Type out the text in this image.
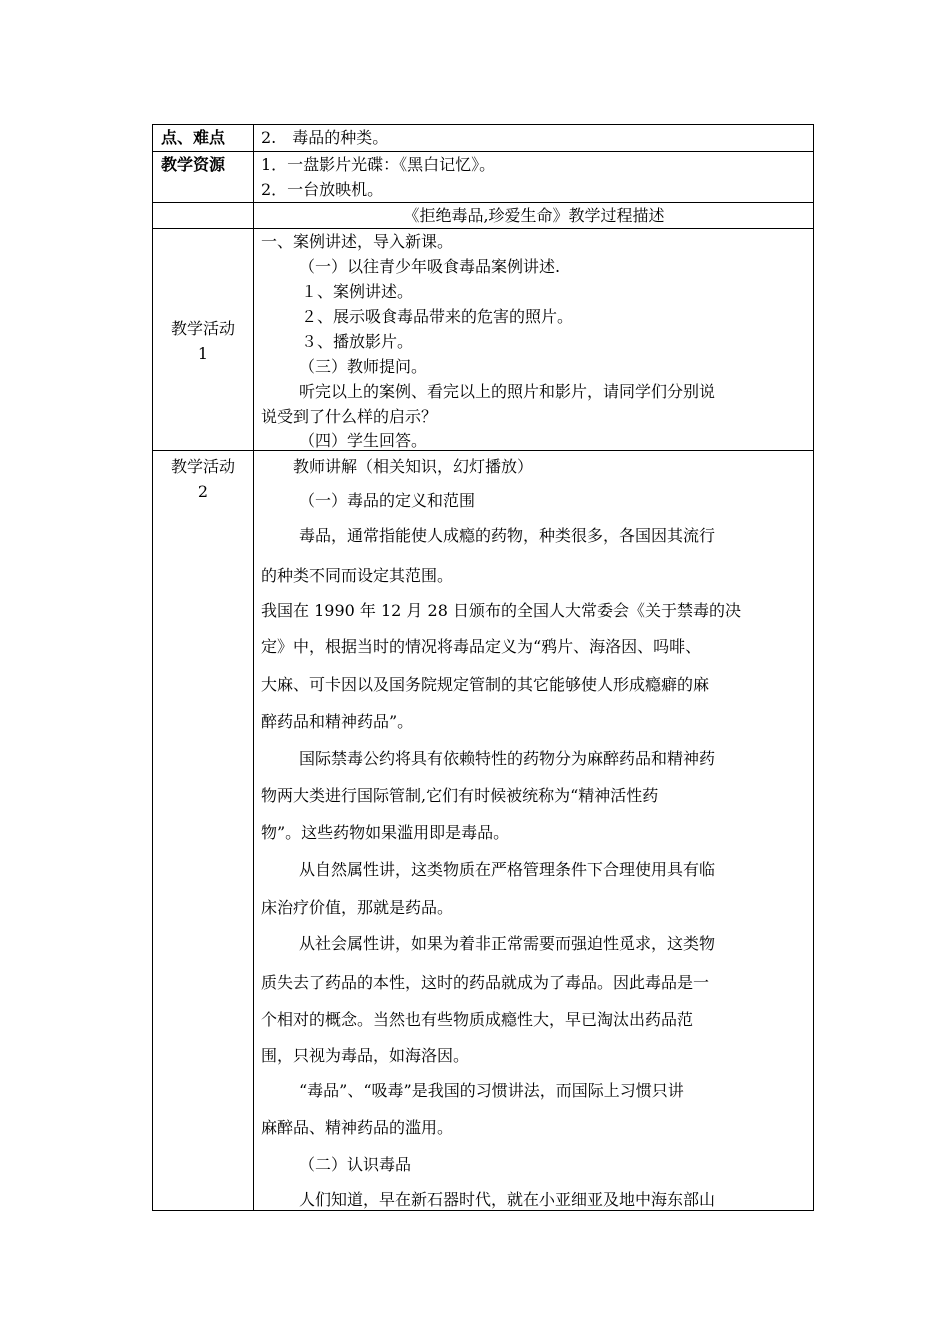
点、难点 2.　毒品的种类。
教学资源 1．一盘影片光碟：《黑白记忆》。
2．一台放映机。
《拒绝毒品,珍爱生命》教学过程描述
教学活动
1
一、案例讲述，导入新课。
（一）以往青少年吸食毒品案例讲述.
１、案例讲述。
２、展示吸食毒品带来的危害的照片。
３、播放影片。
（三）教师提问。
听完以上的案例、看完以上的照片和影片，请同学们分别说
说受到了什么样的启示？
（四）学生回答。
教学活动
2
教师讲解（相关知识，幻灯播放）
（一）毒品的定义和范围
毒品，通常指能使人成瘾的药物，种类很多，各国因其流行
的种类不同而设定其范围。
我国在 1990 年 12 月 28 日颁布的全国人大常委会《关于禁毒的决
定》中，根据当时的情况将毒品定义为“鸦片、海洛因、吗啡、
大麻、可卡因以及国务院规定管制的其它能够使人形成瘾癖的麻
醉药品和精神药品”。
国际禁毒公约将具有依赖特性的药物分为麻醉药品和精神药
物两大类进行国际管制,它们有时候被统称为“精神活性药
物”。这些药物如果滥用即是毒品。
从自然属性讲，这类物质在严格管理条件下合理使用具有临
床治疗价值，那就是药品。
从社会属性讲，如果为着非正常需要而强迫性觅求，这类物
质失去了药品的本性，这时的药品就成为了毒品。因此毒品是一
个相对的概念。当然也有些物质成瘾性大，早已淘汰出药品范
围，只视为毒品，如海洛因。
“毒品”、“吸毒”是我国的习惯讲法，而国际上习惯只讲
麻醉品、精神药品的滥用。
（二）认识毒品
人们知道，早在新石器时代，就在小亚细亚及地中海东部山
